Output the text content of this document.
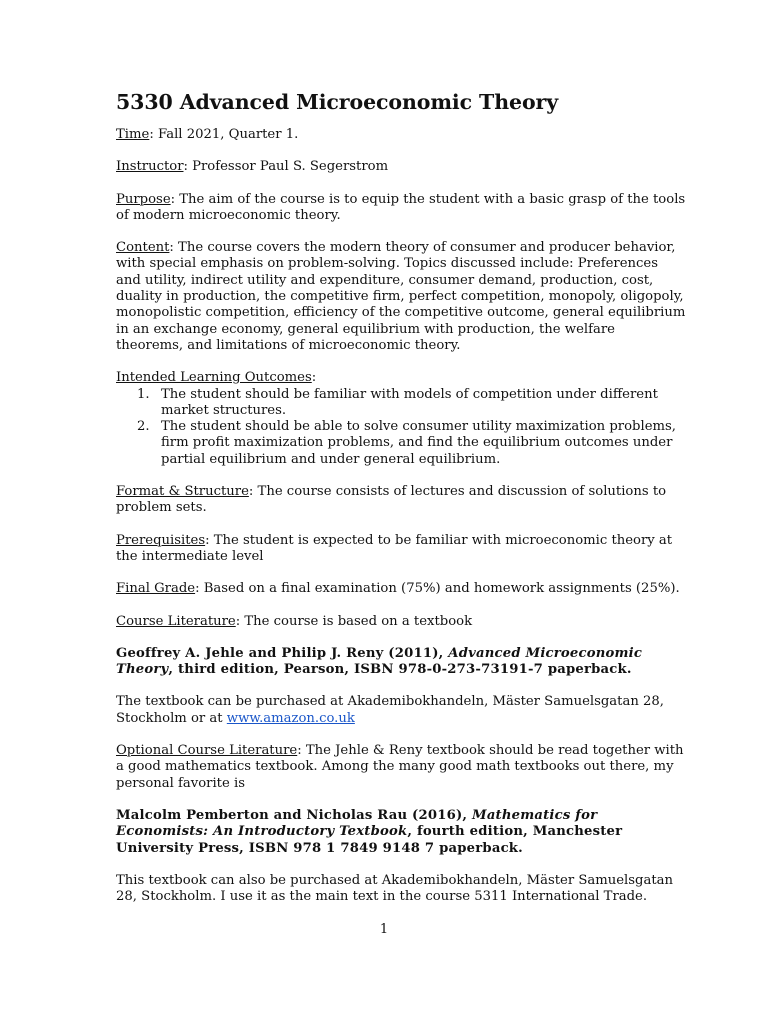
5330 Advanced Microeconomic Theory

Time: Fall 2021, Quarter 1.

Instructor: Professor Paul S. Segerstrom

Purpose: The aim of the course is to equip the student with a basic grasp of the tools of modern microeconomic theory.

Content: The course covers the modern theory of consumer and producer behavior, with special emphasis on problem-solving. Topics discussed include: Preferences and utility, indirect utility and expenditure, consumer demand, production, cost, duality in production, the competitive firm, perfect competition, monopoly, oligopoly, monopolistic competition, efficiency of the competitive outcome, general equilibrium in an exchange economy, general equilibrium with production, the welfare theorems, and limitations of microeconomic theory.

Intended Learning Outcomes:

1. The student should be familiar with models of competition under different market structures.
2. The student should be able to solve consumer utility maximization problems, firm profit maximization problems, and find the equilibrium outcomes under partial equilibrium and under general equilibrium.

Format & Structure: The course consists of lectures and discussion of solutions to problem sets.

Prerequisites: The student is expected to be familiar with microeconomic theory at the intermediate level

Final Grade: Based on a final examination (75%) and homework assignments (25%).

Course Literature: The course is based on a textbook

Geoffrey A. Jehle and Philip J. Reny (2011), Advanced Microeconomic Theory, third edition, Pearson, ISBN 978-0-273-73191-7 paperback.

The textbook can be purchased at Akademibokhandeln, Mäster Samuelsgatan 28, Stockholm or at www.amazon.co.uk

Optional Course Literature: The Jehle & Reny textbook should be read together with a good mathematics textbook. Among the many good math textbooks out there, my personal favorite is

Malcolm Pemberton and Nicholas Rau (2016), Mathematics for Economists: An Introductory Textbook, fourth edition, Manchester University Press, ISBN 978 1 7849 9148 7 paperback.

This textbook can also be purchased at Akademibokhandeln, Mäster Samuelsgatan 28, Stockholm. I use it as the main text in the course 5311 International Trade.

1
